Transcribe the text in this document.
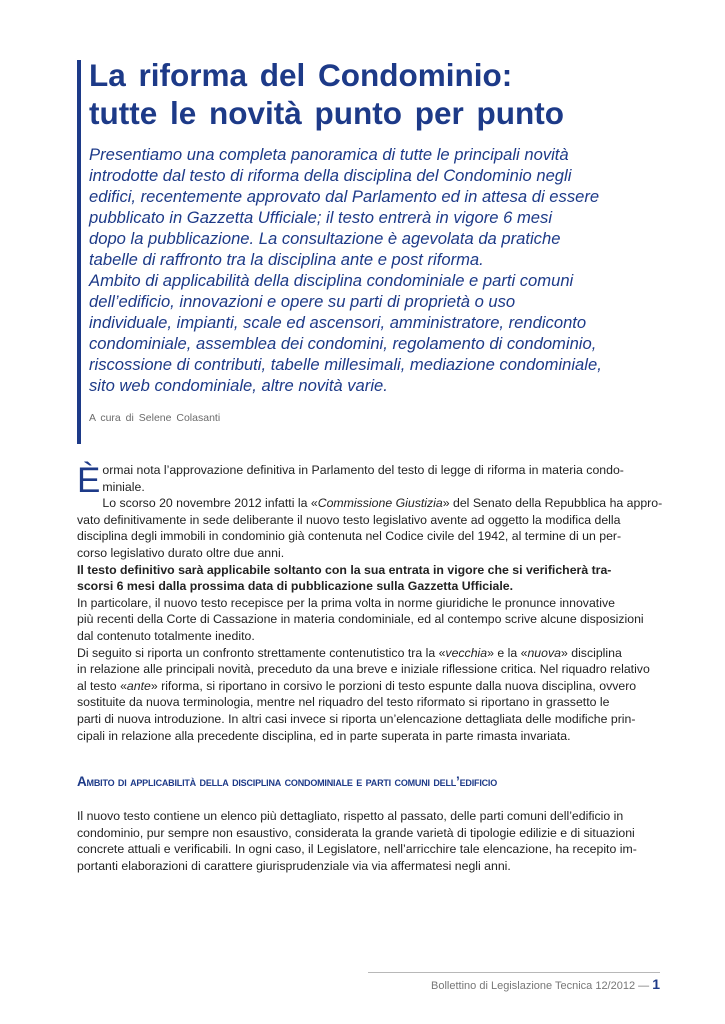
La riforma del Condominio:
tutte le novità punto per punto
Presentiamo una completa panoramica di tutte le principali novità
introdotte dal testo di riforma della disciplina del Condominio negli
edifici, recentemente approvato dal Parlamento ed in attesa di essere
pubblicato in Gazzetta Ufficiale; il testo entrerà in vigore 6 mesi
dopo la pubblicazione. La consultazione è agevolata da pratiche
tabelle di raffronto tra la disciplina ante e post riforma.
Ambito di applicabilità della disciplina condominiale e parti comuni
dell’edificio, innovazioni e opere su parti di proprietà o uso
individuale, impianti, scale ed ascensori, amministratore, rendiconto
condominiale, assemblea dei condomini, regolamento di condominio,
riscossione di contributi, tabelle millesimali, mediazione condominiale,
sito web condominiale, altre novità varie.

A cura di Selene Colasanti

È ormai nota l’approvazione definitiva in Parlamento del testo di legge di riforma in materia condo-
miniale.

Lo scorso 20 novembre 2012 infatti la «Commissione Giustizia» del Senato della Repubblica ha appro-
vato definitivamente in sede deliberante il nuovo testo legislativo avente ad oggetto la modifica della
disciplina degli immobili in condominio già contenuta nel Codice civile del 1942, al termine di un per-
corso legislativo durato oltre due anni.

Il testo definitivo sarà applicabile soltanto con la sua entrata in vigore che si verificherà tra-
scorsi 6 mesi dalla prossima data di pubblicazione sulla Gazzetta Ufficiale.

In particolare, il nuovo testo recepisce per la prima volta in norme giuridiche le pronunce innovative
più recenti della Corte di Cassazione in materia condominiale, ed al contempo scrive alcune disposizioni
dal contenuto totalmente inedito.

Di seguito si riporta un confronto strettamente contenutistico tra la «vecchia» e la «nuova» disciplina
in relazione alle principali novità, preceduto da una breve e iniziale riflessione critica. Nel riquadro relativo
al testo «ante» riforma, si riportano in corsivo le porzioni di testo espunte dalla nuova disciplina, ovvero
sostituite da nuova terminologia, mentre nel riquadro del testo riformato si riportano in grassetto le
parti di nuova introduzione. In altri casi invece si riporta un’elencazione dettagliata delle modifiche prin-
cipali in relazione alla precedente disciplina, ed in parte superata in parte rimasta invariata.

Ambito di applicabilità della disciplina condominiale e parti comuni dell’edificio
Il nuovo testo contiene un elenco più dettagliato, rispetto al passato, delle parti comuni dell’edificio in
condominio, pur sempre non esaustivo, considerata la grande varietà di tipologie edilizie e di situazioni
concrete attuali e verificabili. In ogni caso, il Legislatore, nell’arricchire tale elencazione, ha recepito im-
portanti elaborazioni di carattere giurisprudenziale via via affermatesi negli anni.
Bollettino di Legislazione Tecnica 12/2012 — 1
